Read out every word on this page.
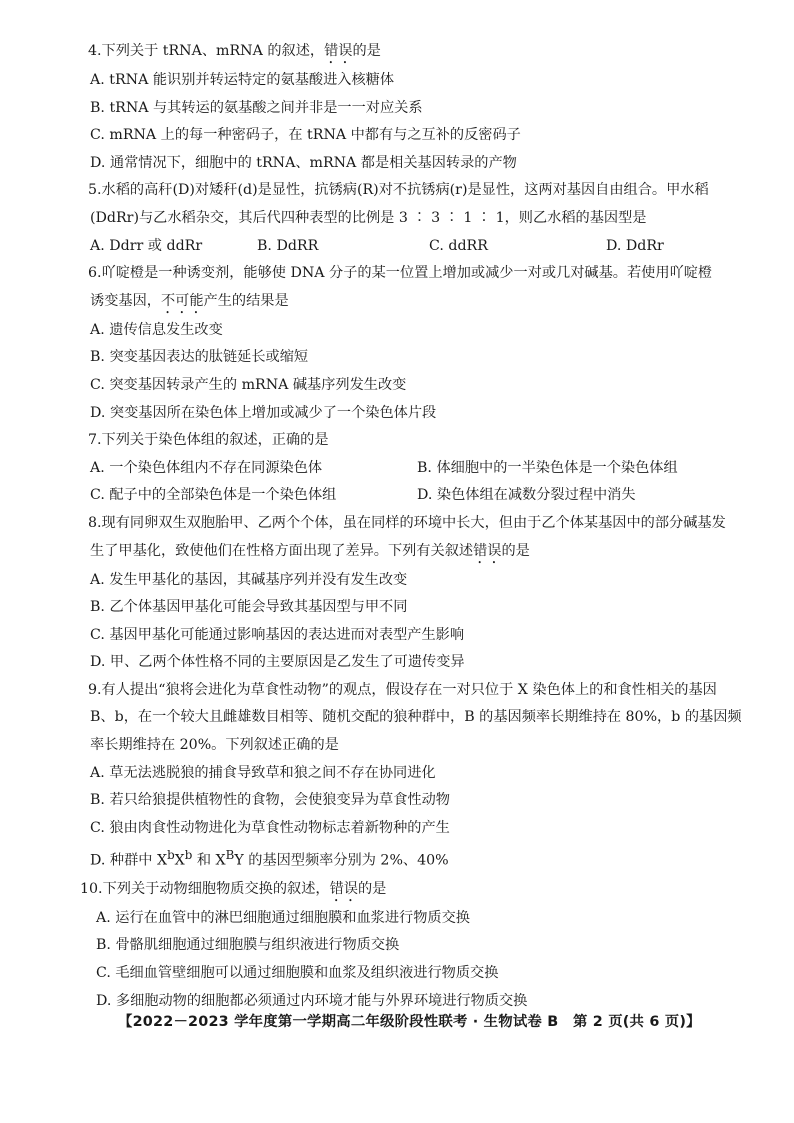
4.下列关于 tRNA、mRNA 的叙述，错误的是

A. tRNA 能识别并转运特定的氨基酸进入核糖体

B. tRNA 与其转运的氨基酸之间并非是一一对应关系

C. mRNA 上的每一种密码子，在 tRNA 中都有与之互补的反密码子

D. 通常情况下，细胞中的 tRNA、mRNA 都是相关基因转录的产物

5.水稻的高秆(D)对矮秆(d)是显性，抗锈病(R)对不抗锈病(r)是显性，这两对基因自由组合。甲水稻

(DdRr)与乙水稻杂交，其后代四种表型的比例是 3 ∶ 3 ∶ 1 ∶ 1，则乙水稻的基因型是

A. Ddrr 或 ddRr	B. DdRR	C. ddRR	D. DdRr

6.吖啶橙是一种诱变剂，能够使 DNA 分子的某一位置上增加或减少一对或几对碱基。若使用吖啶橙

诱变基因，不可能产生的结果是

A. 遗传信息发生改变

B. 突变基因表达的肽链延长或缩短

C. 突变基因转录产生的 mRNA 碱基序列发生改变

D. 突变基因所在染色体上增加或减少了一个染色体片段

7.下列关于染色体组的叙述，正确的是

A. 一个染色体组内不存在同源染色体	B. 体细胞中的一半染色体是一个染色体组

C. 配子中的全部染色体是一个染色体组	D. 染色体组在减数分裂过程中消失

8.现有同卵双生双胞胎甲、乙两个个体，虽在同样的环境中长大，但由于乙个体某基因中的部分碱基发

生了甲基化，致使他们在性格方面出现了差异。下列有关叙述错误的是

A. 发生甲基化的基因，其碱基序列并没有发生改变

B. 乙个体基因甲基化可能会导致其基因型与甲不同

C. 基因甲基化可能通过影响基因的表达进而对表型产生影响

D. 甲、乙两个体性格不同的主要原因是乙发生了可遗传变异

9.有人提出“狼将会进化为草食性动物”的观点，假设存在一对只位于 X 染色体上的和食性相关的基因

B、b，在一个较大且雌雄数目相等、随机交配的狼种群中，B 的基因频率长期维持在 80%，b 的基因频

率长期维持在 20%。下列叙述正确的是

A. 草无法逃脱狼的捕食导致草和狼之间不存在协同进化

B. 若只给狼提供植物性的食物，会使狼变异为草食性动物

C. 狼由肉食性动物进化为草食性动物标志着新物种的产生

D. 种群中 $X^bX^b$ 和 $X^BY$ 的基因型频率分别为 2%、40%

10.下列关于动物细胞物质交换的叙述，错误的是

A. 运行在血管中的淋巴细胞通过细胞膜和血浆进行物质交换

B. 骨骼肌细胞通过细胞膜与组织液进行物质交换

C. 毛细血管壁细胞可以通过细胞膜和血浆及组织液进行物质交换

D. 多细胞动物的细胞都必须通过内环境才能与外界环境进行物质交换

【2022－2023 学年度第一学期高二年级阶段性联考 · 生物试卷 B　第 2 页(共 6 页)】
